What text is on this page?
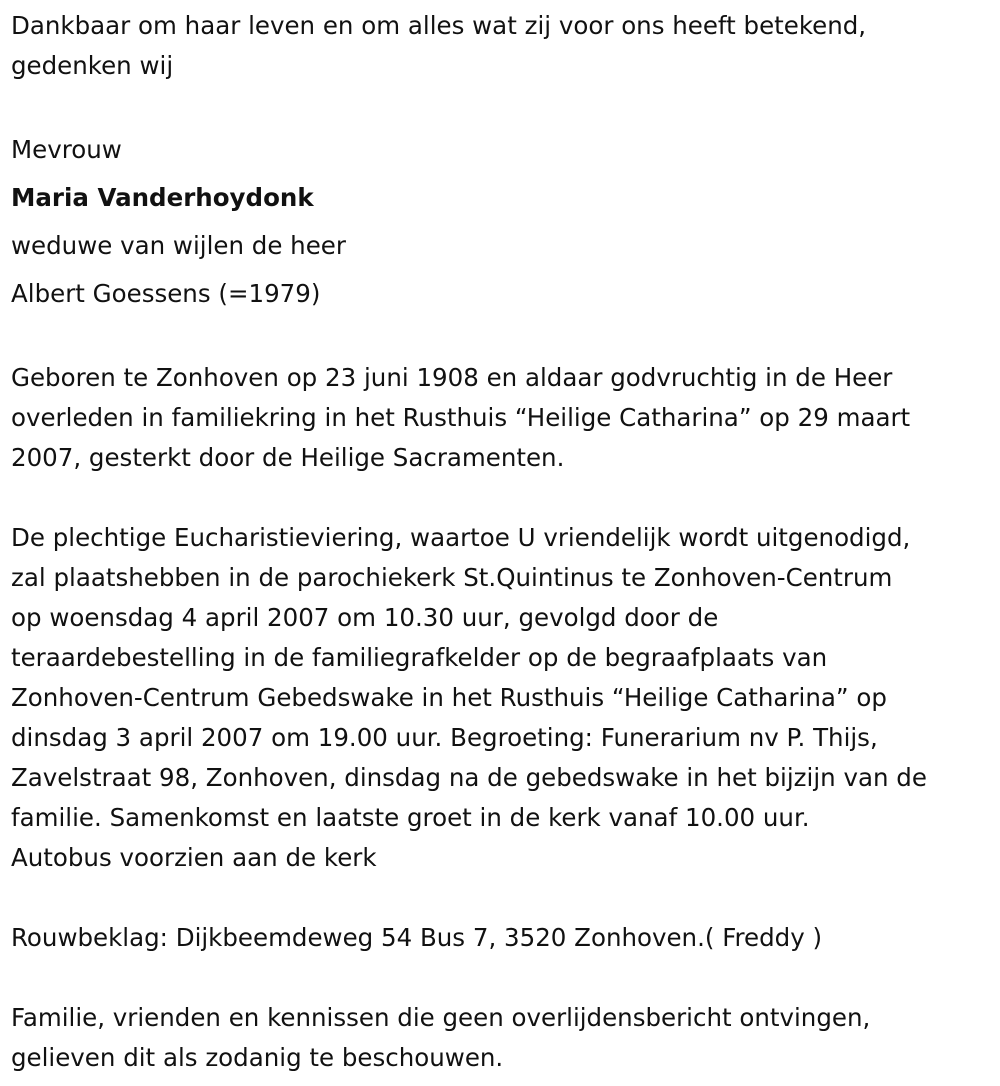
Dankbaar om haar leven en om alles wat zij voor ons heeft betekend,
gedenken wij
Mevrouw
Maria Vanderhoydonk
weduwe van wijlen de heer
Albert Goessens (=1979)
Geboren te Zonhoven op 23 juni 1908 en aldaar godvruchtig in de Heer
overleden in familiekring in het Rusthuis “Heilige Catharina” op 29 maart
2007, gesterkt door de Heilige Sacramenten.
De plechtige Eucharistieviering, waartoe U vriendelijk wordt uitgenodigd,
zal plaatshebben in de parochiekerk St.Quintinus te Zonhoven-Centrum
op woensdag 4 april 2007 om 10.30 uur, gevolgd door de
teraardebestelling in de familiegrafkelder op de begraafplaats van
Zonhoven-Centrum Gebedswake in het Rusthuis “Heilige Catharina” op
dinsdag 3 april 2007 om 19.00 uur. Begroeting: Funerarium nv P. Thijs,
Zavelstraat 98, Zonhoven, dinsdag na de gebedswake in het bijzijn van de
familie. Samenkomst en laatste groet in de kerk vanaf 10.00 uur.
Autobus voorzien aan de kerk
Rouwbeklag: Dijkbeemdeweg 54 Bus 7, 3520 Zonhoven.( Freddy )
Familie, vrienden en kennissen die geen overlijdensbericht ontvingen,
gelieven dit als zodanig te beschouwen.
